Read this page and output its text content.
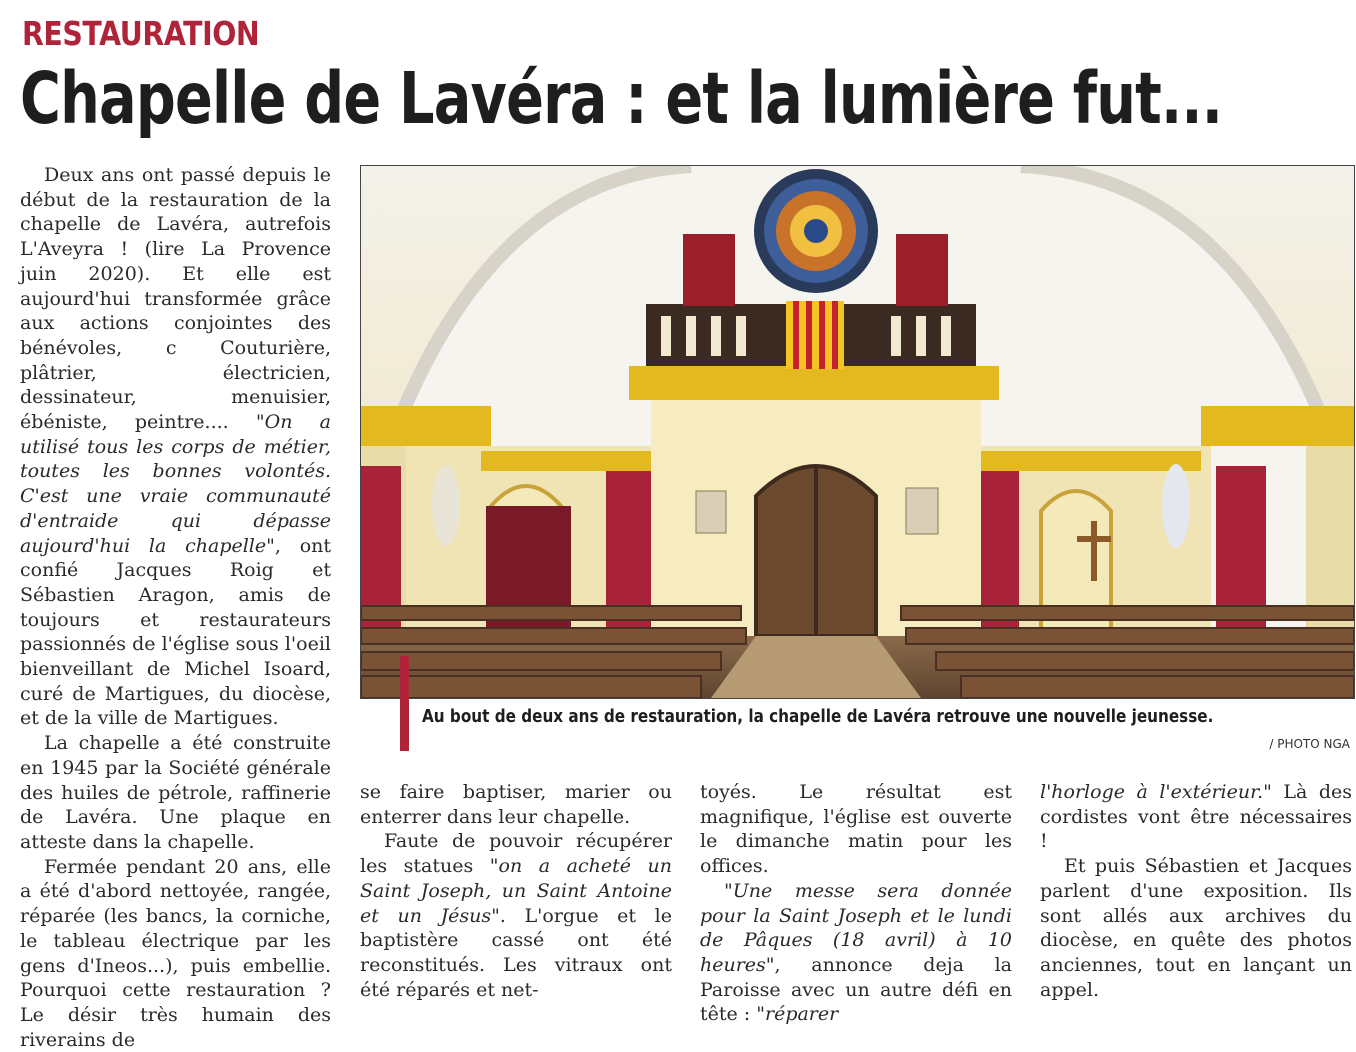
RESTAURATION
Chapelle de Lavéra : et la lumière fut...

Deux ans ont passé depuis le début de la restauration de la chapelle de Lavéra, autrefois L'Aveyra ! (lire La Provence juin 2020). Et elle est aujourd'hui transformée grâce aux actions conjointes des bénévoles, c Couturière, plâtrier, électricien, dessinateur, menuisier, ébéniste, peintre.... "On a utilisé tous les corps de métier, toutes les bonnes volontés. C'est une vraie communauté d'entraide qui dépasse aujourd'hui la chapelle", ont confié Jacques Roig et Sébastien Aragon, amis de toujours et restaurateurs passionnés de l'église sous l'oeil bienveillant de Michel Isoard, curé de Martigues, du diocèse, et de la ville de Martigues.

La chapelle a été construite en 1945 par la Société générale des huiles de pétrole, raffinerie de Lavéra. Une plaque en atteste dans la chapelle.

Fermée pendant 20 ans, elle a été d'abord nettoyée, rangée, réparée (les bancs, la corniche, le tableau électrique par les gens d'Ineos...), puis embellie. Pourquoi cette restauration ? Le désir très humain des riverains de

Au bout de deux ans de restauration, la chapelle de Lavéra retrouve une nouvelle jeunesse.
/ PHOTO NGA

se faire baptiser, marier ou enterrer dans leur chapelle.

Faute de pouvoir récupérer les statues "on a acheté un Saint Joseph, un Saint Antoine et un Jésus". L'orgue et le baptistère cassé ont été reconstitués. Les vitraux ont été réparés et net-

toyés. Le résultat est magnifique, l'église est ouverte le dimanche matin pour les offices.

"Une messe sera donnée pour la Saint Joseph et le lundi de Pâques (18 avril) à 10 heures", annonce deja la Paroisse avec un autre défi en tête : "réparer

l'horloge à l'extérieur." Là des cordistes vont être nécessaires !

Et puis Sébastien et Jacques parlent d'une exposition. Ils sont allés aux archives du diocèse, en quête des photos anciennes, tout en lançant un appel.
